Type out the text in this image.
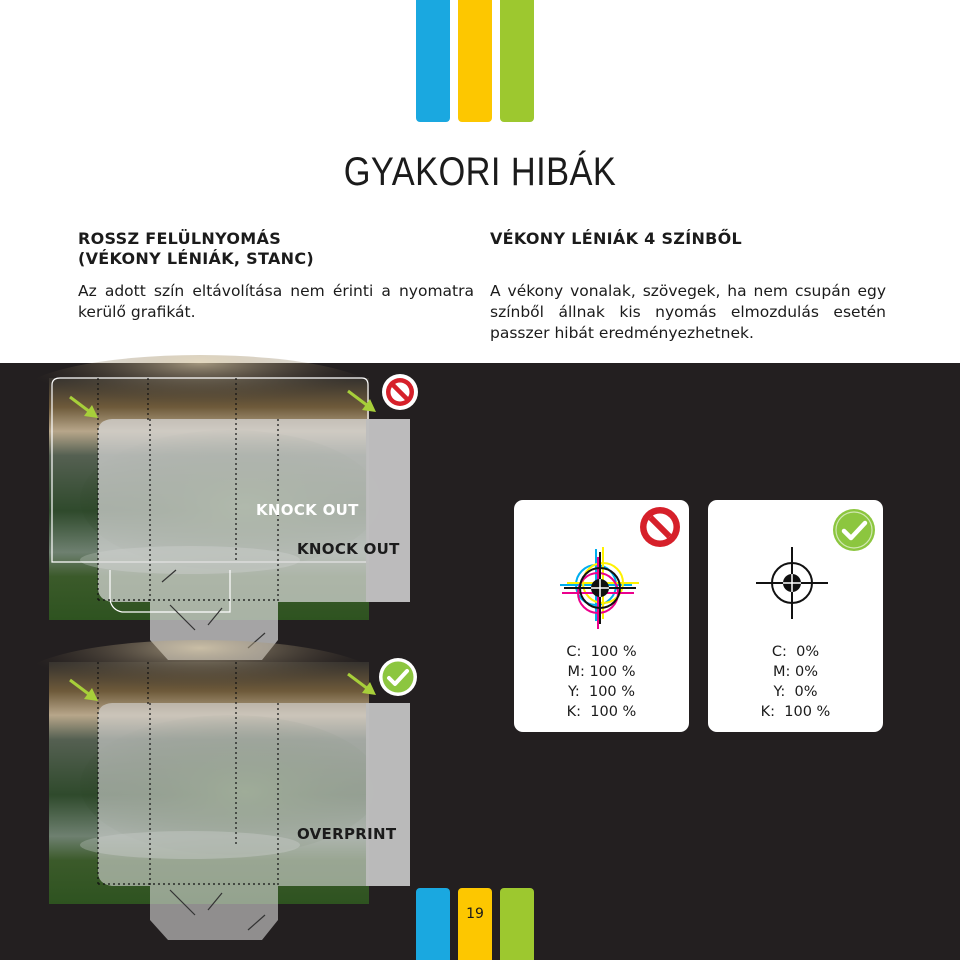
GYAKORI HIBÁK
ROSSZ FELÜLNYOMÁS
(VÉKONY LÉNIÁK, STANC)
Az adott szín eltávolítása nem érinti a nyomatra
kerülő grafikát.
VÉKONY LÉNIÁK 4 SZÍNBŐL
A vékony vonalak, szövegek, ha nem csupán egy
színből állnak kis nyomás elmozdulás esetén
passzer hibát eredményezhetnek.
KNOCK OUT
KNOCK OUT
OVERPRINT
C:  100 %
M: 100 %
Y:  100 %
K:  100 %
C:  0%
M: 0%
Y:  0%
K:  100 %
19
